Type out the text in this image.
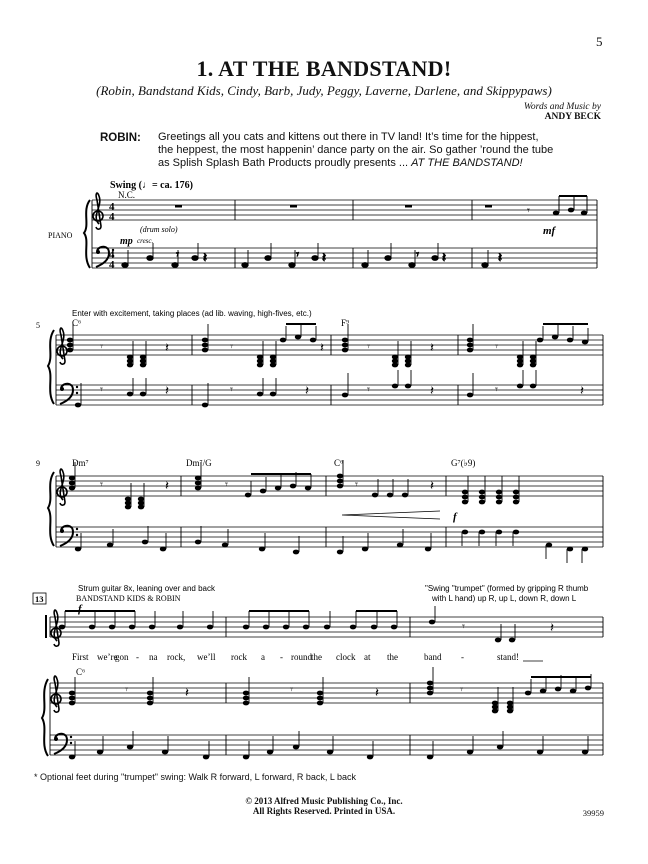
5
1. AT THE BANDSTAND!
(Robin, Bandstand Kids, Cindy, Barb, Judy, Peggy, Laverne, Darlene, and Skippypaws)
Words and Music by
ANDY BECK
ROBIN: Greetings all you cats and kittens out there in TV land! It’s time for the hippest,
the heppest, the most happenin’ dance party on the air. So gather ’round the tube
as Splish Splash Bath Products proudly presents ... AT THE BANDSTAND!
Swing (♩= ca. 176)
N.C.
PIANO
4
4
4
4
𝄾
(drum solo)
mp cresc.
mf
𝄾	𝄾	𝄾
𝄽	𝄽	𝄽	𝄽
Enter with excitement, taking places (ad lib. waving, high-fives, etc.)
5	C⁶	F⁹
𝄾	𝄾	𝄾	𝄾
𝄽	𝄽	𝄽
𝄾	𝄾	𝄾	𝄾
𝄽	𝄽	𝄽	𝄽
9	Dm⁷	Dm⁷/G	C⁶	G⁷(♭9)
f
𝄾	𝄾	𝄾
𝄽	𝄽
Strum guitar 8x, leaning over and back
13	BANDSTAND KIDS & ROBIN
"Swing "trumpet" (formed by gripping R thumb
with L hand) up R, up L, down R, down L
f
𝄾	𝄽
First we’re
gon - na rock, we’ll rock a - round the clock at the	band -	stand!
C⁶
𝄾	𝄾	𝄾
𝄽	𝄽
* Optional feet during "trumpet" swing: Walk R forward, L forward, R back, L back
© 2013 Alfred Music Publishing Co., Inc.
All Rights Reserved. Printed in USA.	39959
